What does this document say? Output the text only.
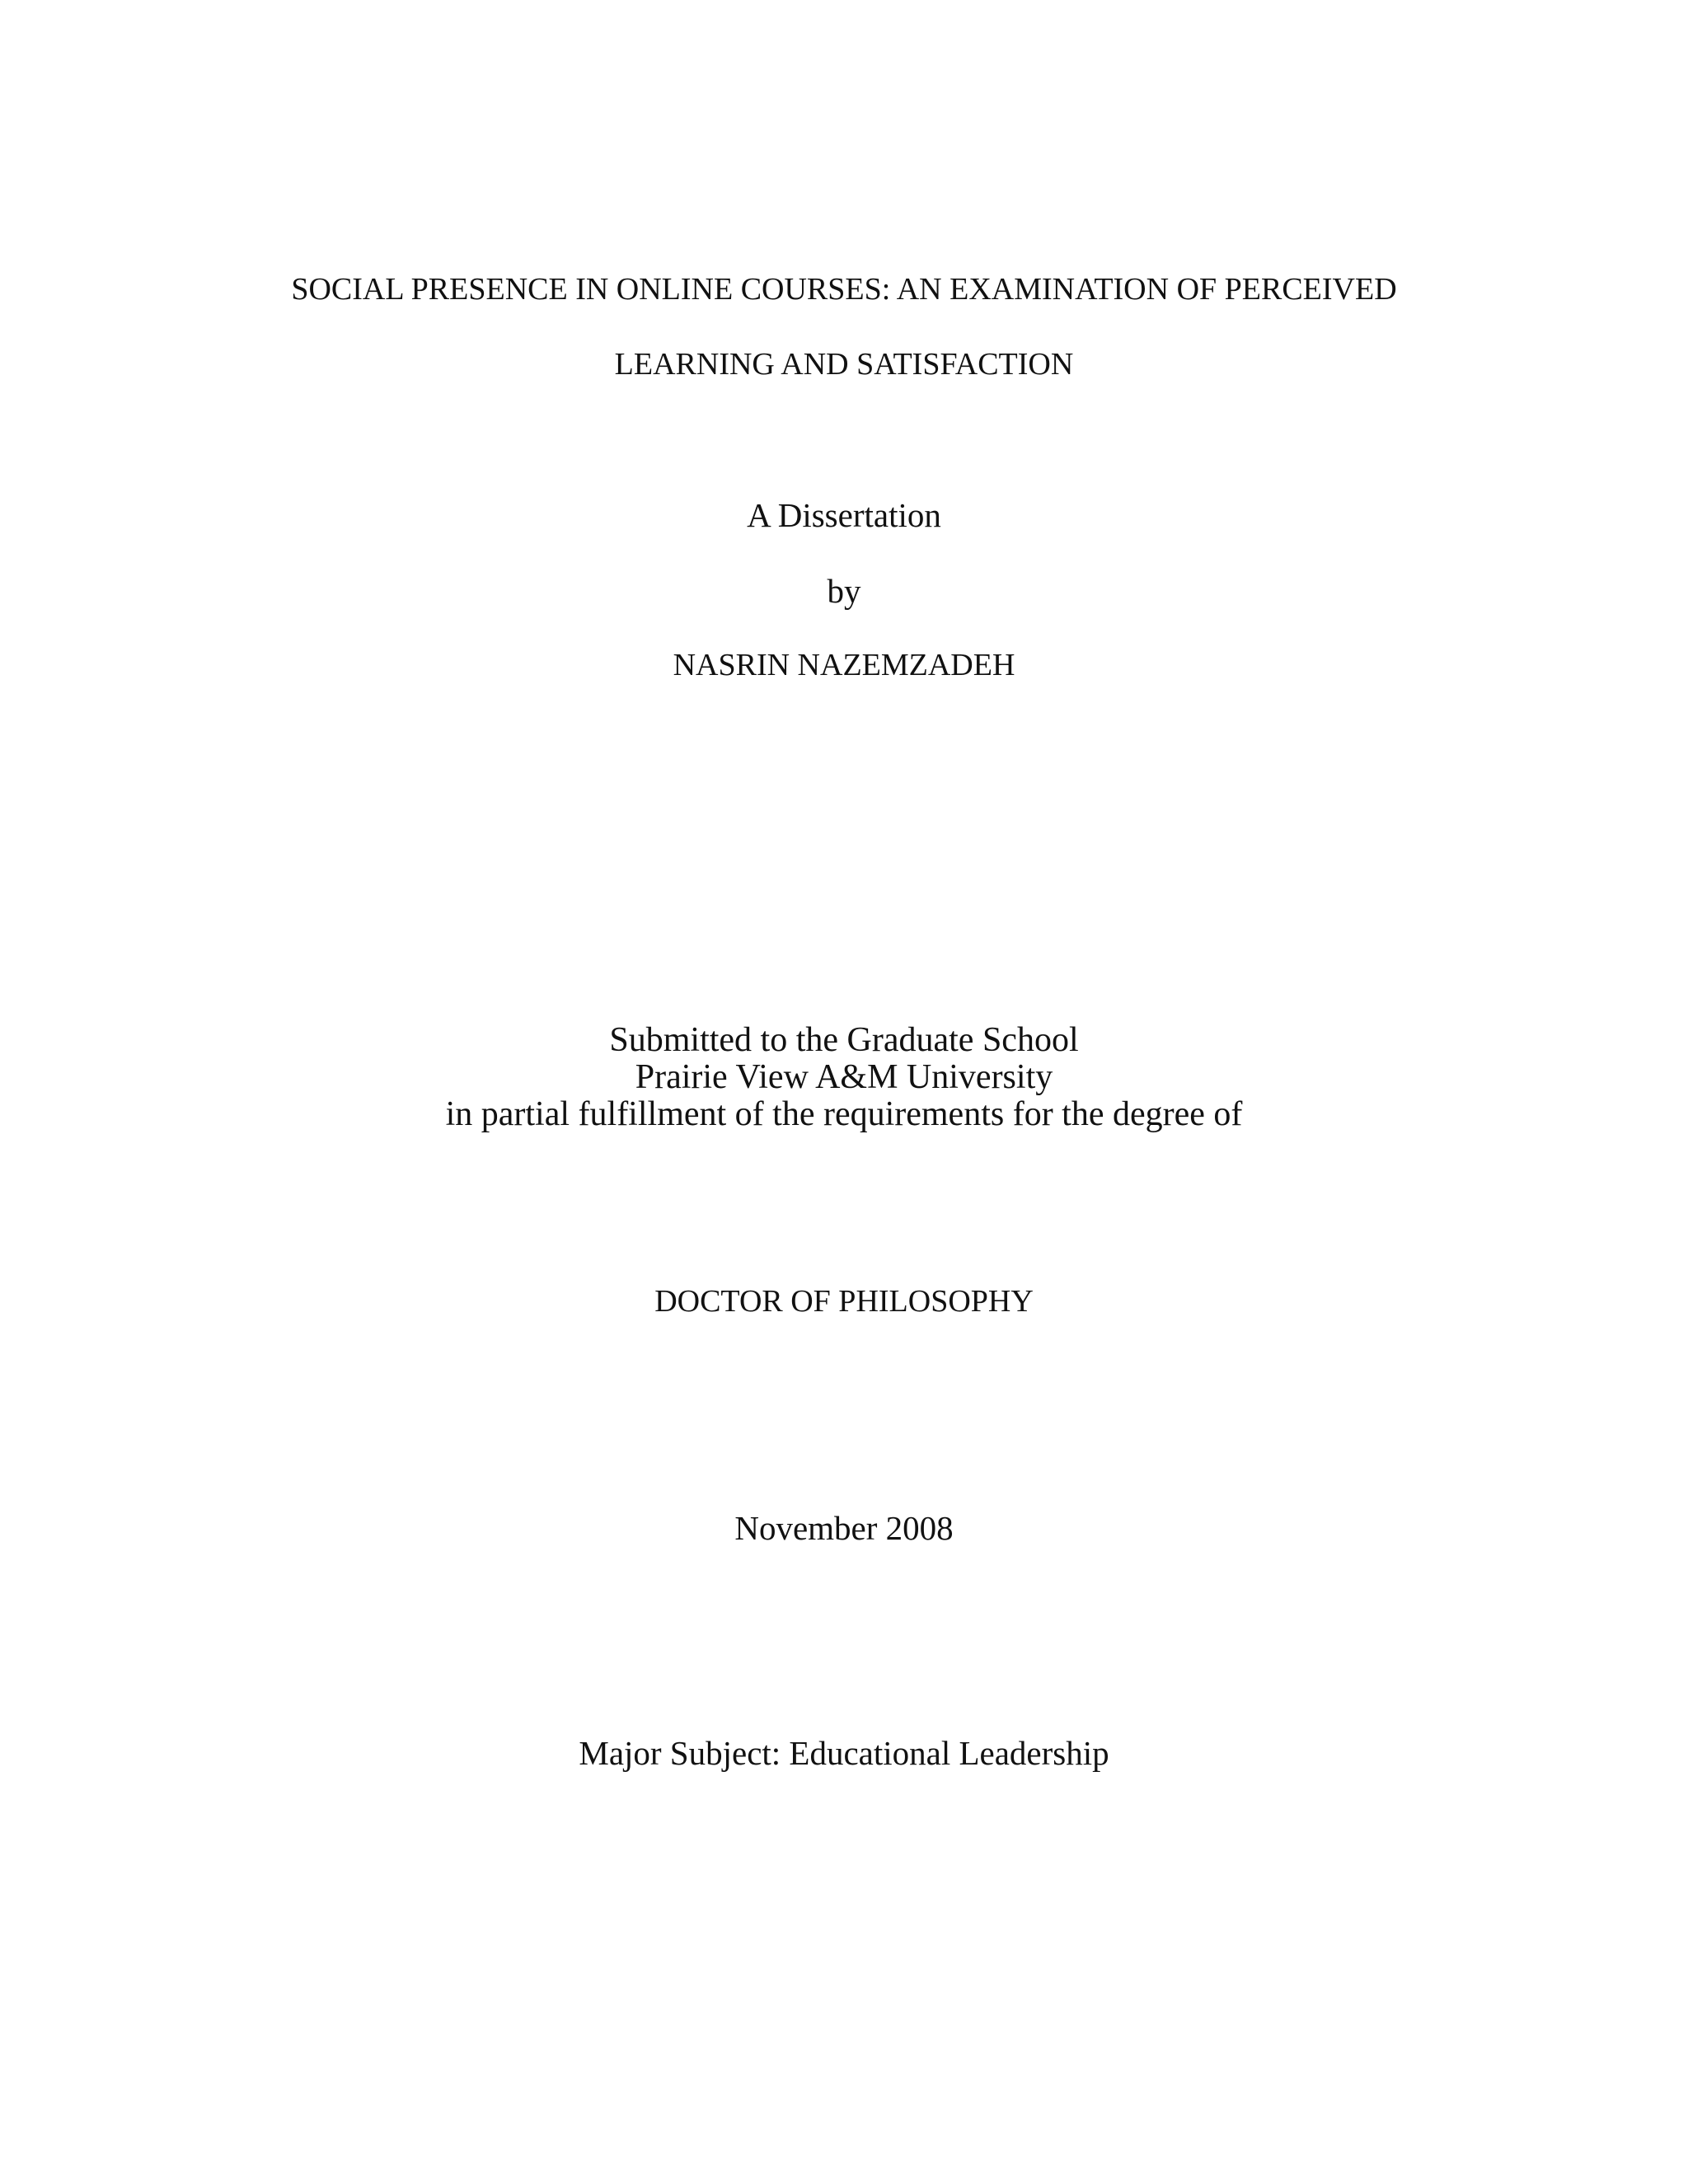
SOCIAL PRESENCE IN ONLINE COURSES: AN EXAMINATION OF PERCEIVED
LEARNING AND SATISFACTION
A Dissertation
by
NASRIN NAZEMZADEH
Submitted to the Graduate School
Prairie View A&M University
in partial fulfillment of the requirements for the degree of
DOCTOR OF PHILOSOPHY
November 2008
Major Subject: Educational Leadership
